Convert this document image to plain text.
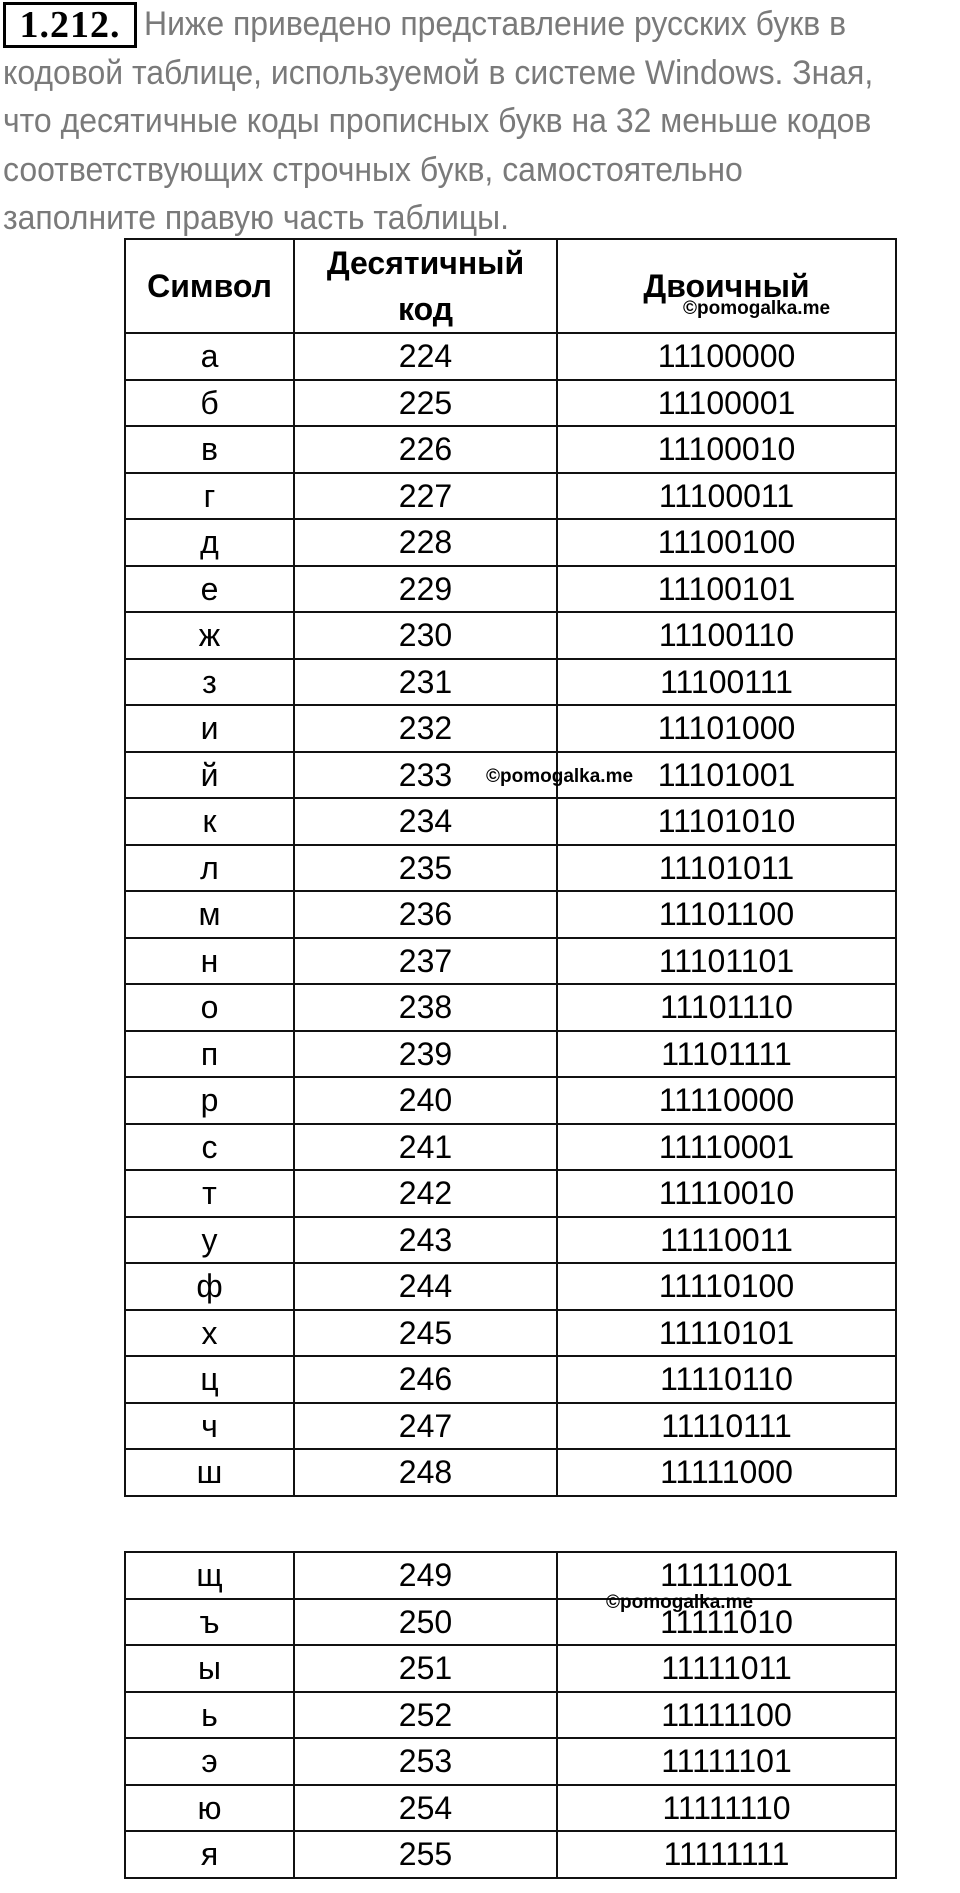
1.212. Ниже приведено представление русских букв в кодовой таблице, используемой в системе Windows. Зная, что десятичные коды прописных букв на 32 меньше кодов соответствующих строчных букв, самостоятельно заполните правую часть таблицы.

Символ	Десятичный код	Двоичный
а	224	11100000
б	225	11100001
в	226	11100010
г	227	11100011
д	228	11100100
е	229	11100101
ж	230	11100110
з	231	11100111
и	232	11101000
й	233	11101001
к	234	11101010
л	235	11101011
м	236	11101100
н	237	11101101
о	238	11101110
п	239	11101111
р	240	11110000
с	241	11110001
т	242	11110010
у	243	11110011
ф	244	11110100
х	245	11110101
ц	246	11110110
ч	247	11110111
ш	248	11111000
щ	249	11111001
ъ	250	11111010
ы	251	11111011
ь	252	11111100
э	253	11111101
ю	254	11111110
я	255	11111111
©pomogalka.me
©pomogalka.me
©pomogalka.me
